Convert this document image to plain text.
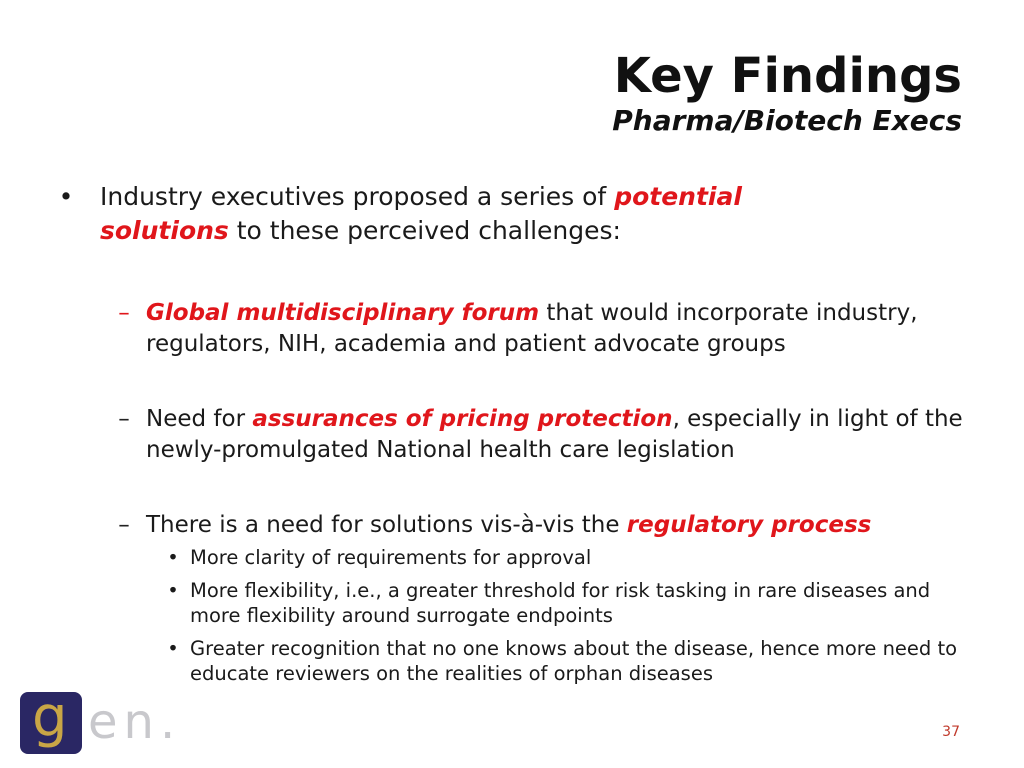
Key Findings
Pharma/Biotech Execs
• Industry executives proposed a series of potential solutions to these perceived challenges:
– Global multidisciplinary forum that would incorporate industry, regulators, NIH, academia and patient advocate groups
– Need for assurances of pricing protection, especially in light of the newly-promulgated National health care legislation
– There is a need for solutions vis-à-vis the regulatory process
• More clarity of requirements for approval
• More flexibility, i.e., a greater threshold for risk tasking in rare diseases and more flexibility around surrogate endpoints
• Greater recognition that no one knows about the disease, hence more need to educate reviewers on the realities of orphan diseases
g en.	37
